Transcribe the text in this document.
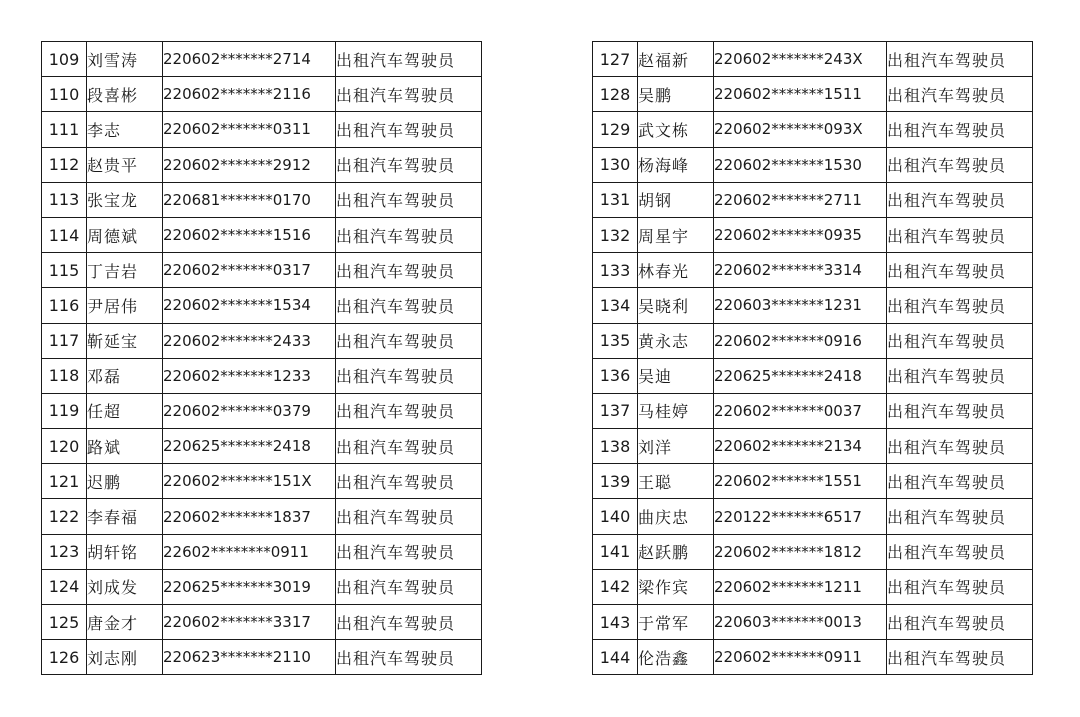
109	刘雪涛	220602*******2714	出租汽车驾驶员
110	段喜彬	220602*******2116	出租汽车驾驶员
111	李志	220602*******0311	出租汽车驾驶员
112	赵贵平	220602*******2912	出租汽车驾驶员
113	张宝龙	220681*******0170	出租汽车驾驶员
114	周德斌	220602*******1516	出租汽车驾驶员
115	丁吉岩	220602*******0317	出租汽车驾驶员
116	尹居伟	220602*******1534	出租汽车驾驶员
117	靳延宝	220602*******2433	出租汽车驾驶员
118	邓磊	220602*******1233	出租汽车驾驶员
119	任超	220602*******0379	出租汽车驾驶员
120	路斌	220625*******2418	出租汽车驾驶员
121	迟鹏	220602*******151X	出租汽车驾驶员
122	李春福	220602*******1837	出租汽车驾驶员
123	胡轩铭	22602********0911	出租汽车驾驶员
124	刘成发	220625*******3019	出租汽车驾驶员
125	唐金才	220602*******3317	出租汽车驾驶员
126	刘志刚	220623*******2110	出租汽车驾驶员
127	赵福新	220602*******243X	出租汽车驾驶员
128	吴鹏	220602*******1511	出租汽车驾驶员
129	武文栋	220602*******093X	出租汽车驾驶员
130	杨海峰	220602*******1530	出租汽车驾驶员
131	胡钢	220602*******2711	出租汽车驾驶员
132	周星宇	220602*******0935	出租汽车驾驶员
133	林春光	220602*******3314	出租汽车驾驶员
134	吴晓利	220603*******1231	出租汽车驾驶员
135	黄永志	220602*******0916	出租汽车驾驶员
136	吴迪	220625*******2418	出租汽车驾驶员
137	马桂婷	220602*******0037	出租汽车驾驶员
138	刘洋	220602*******2134	出租汽车驾驶员
139	王聪	220602*******1551	出租汽车驾驶员
140	曲庆忠	220122*******6517	出租汽车驾驶员
141	赵跃鹏	220602*******1812	出租汽车驾驶员
142	梁作宾	220602*******1211	出租汽车驾驶员
143	于常军	220603*******0013	出租汽车驾驶员
144	伦浩鑫	220602*******0911	出租汽车驾驶员
